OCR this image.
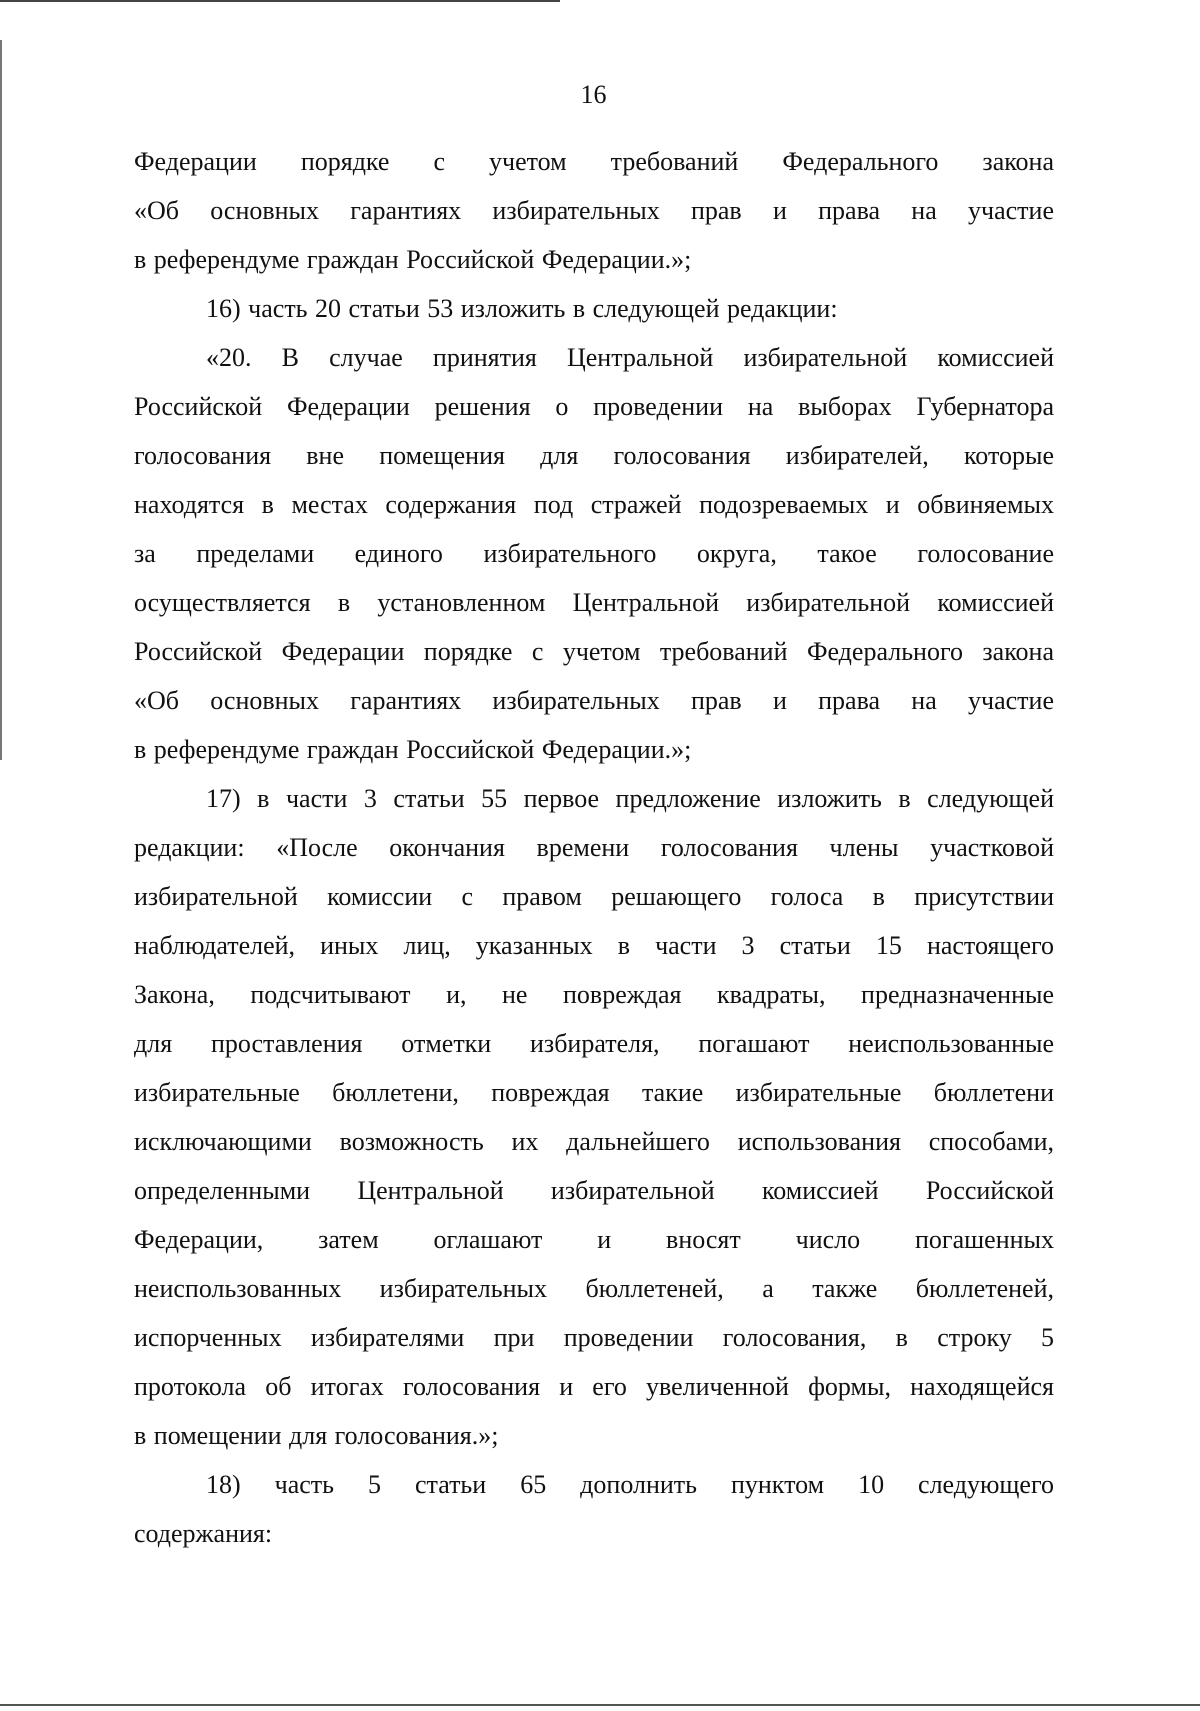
16
Федерации порядке с учетом требований Федерального закона
«Об основных гарантиях избирательных прав и права на участие
в референдуме граждан Российской Федерации.»;
16) часть 20 статьи 53 изложить в следующей редакции:
«20. В случае принятия Центральной избирательной комиссией
Российской Федерации решения о проведении на выборах Губернатора
голосования вне помещения для голосования избирателей, которые
находятся в местах содержания под стражей подозреваемых и обвиняемых
за пределами единого избирательного округа, такое голосование
осуществляется в установленном Центральной избирательной комиссией
Российской Федерации порядке с учетом требований Федерального закона
«Об основных гарантиях избирательных прав и права на участие
в референдуме граждан Российской Федерации.»;
17) в части 3 статьи 55 первое предложение изложить в следующей
редакции: «После окончания времени голосования члены участковой
избирательной комиссии с правом решающего голоса в присутствии
наблюдателей, иных лиц, указанных в части 3 статьи 15 настоящего
Закона, подсчитывают и, не повреждая квадраты, предназначенные
для проставления отметки избирателя, погашают неиспользованные
избирательные бюллетени, повреждая такие избирательные бюллетени
исключающими возможность их дальнейшего использования способами,
определенными Центральной избирательной комиссией Российской
Федерации, затем оглашают и вносят число погашенных
неиспользованных избирательных бюллетеней, а также бюллетеней,
испорченных избирателями при проведении голосования, в строку 5
протокола об итогах голосования и его увеличенной формы, находящейся
в помещении для голосования.»;
18) часть 5 статьи 65 дополнить пунктом 10 следующего
содержания:
